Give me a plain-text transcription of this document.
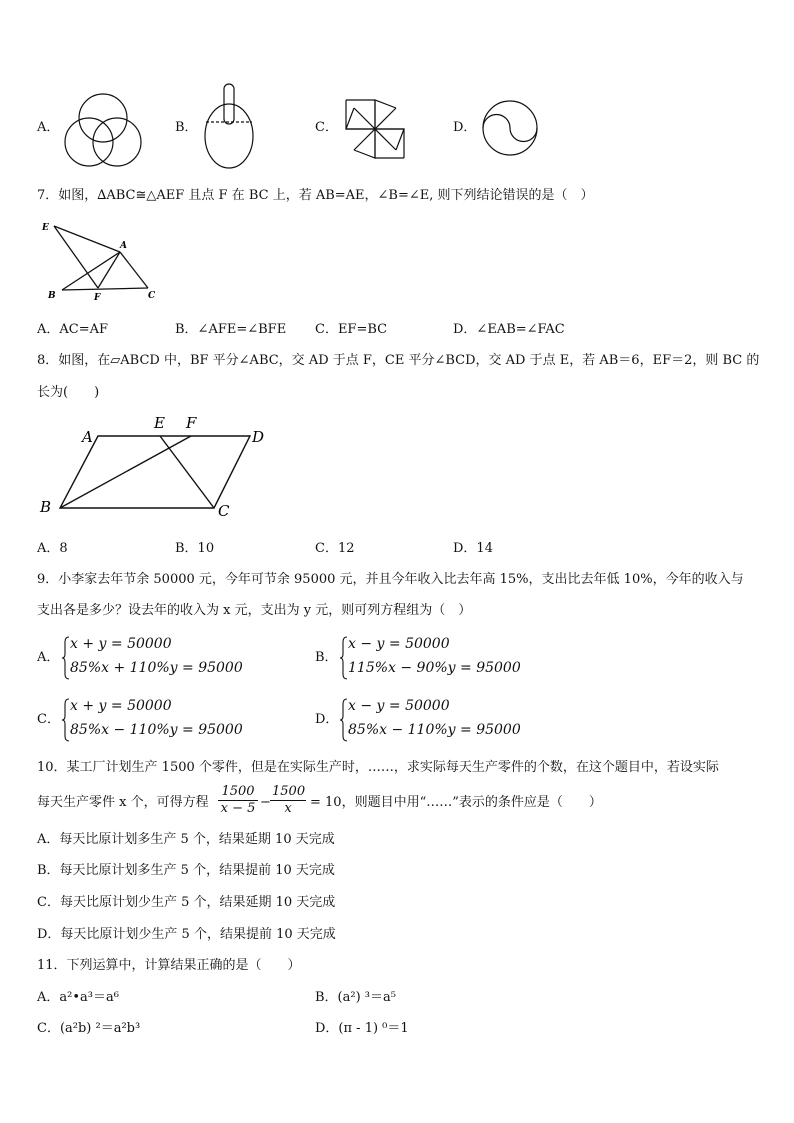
A．	B．	C．	D．
7．如图，∆ABC≅△AEF 且点 F 在 BC 上，若 AB=AE，∠B=∠E, 则下列结论错误的是（　）
E
A
B	F	C
A．AC=AF	B．∠AFE=∠BFE C．EF=BC	D．∠EAB=∠FAC
8．如图，在▱ABCD 中，BF 平分∠ABC，交 AD 于点 F，CE 平分∠BCD，交 AD 于点 E，若 AB＝6，EF＝2，则 BC 的
长为(　　)
A
E F
D
B	C
A．8	B．10	C．12	D．14
9．小李家去年节余 50000 元，今年可节余 95000 元，并且今年收入比去年高 15%，支出比去年低 10%，今年的收入与
支出各是多少？设去年的收入为 x 元，支出为 y 元，则可列方程组为（　）
A．
x + y = 50000
85%x + 110%y = 95000
B．
x − y = 50000
115%x − 90%y = 95000
C．
x + y = 50000
85%x − 110%y = 95000
D．
x − y = 50000
85%x − 110%y = 95000
10．某工厂计划生产 1500 个零件，但是在实际生产时，……，求实际每天生产零件的个数，在这个题目中，若设实际
每天生产零件 x 个，可得方程 $\frac{1500}{x - 5} - \frac{1500}{x} = 10$，则题目中用“……”表示的条件应是（　　）
A．每天比原计划多生产 5 个，结果延期 10 天完成
B．每天比原计划多生产 5 个，结果提前 10 天完成
C．每天比原计划少生产 5 个，结果延期 10 天完成
D．每天比原计划少生产 5 个，结果提前 10 天完成
11．下列运算中，计算结果正确的是（　　）
A．a²•a³＝a⁶	B．(a²) ³＝a⁵
C．(a²b) ²＝a²b³	D．(π - 1) ⁰＝1
